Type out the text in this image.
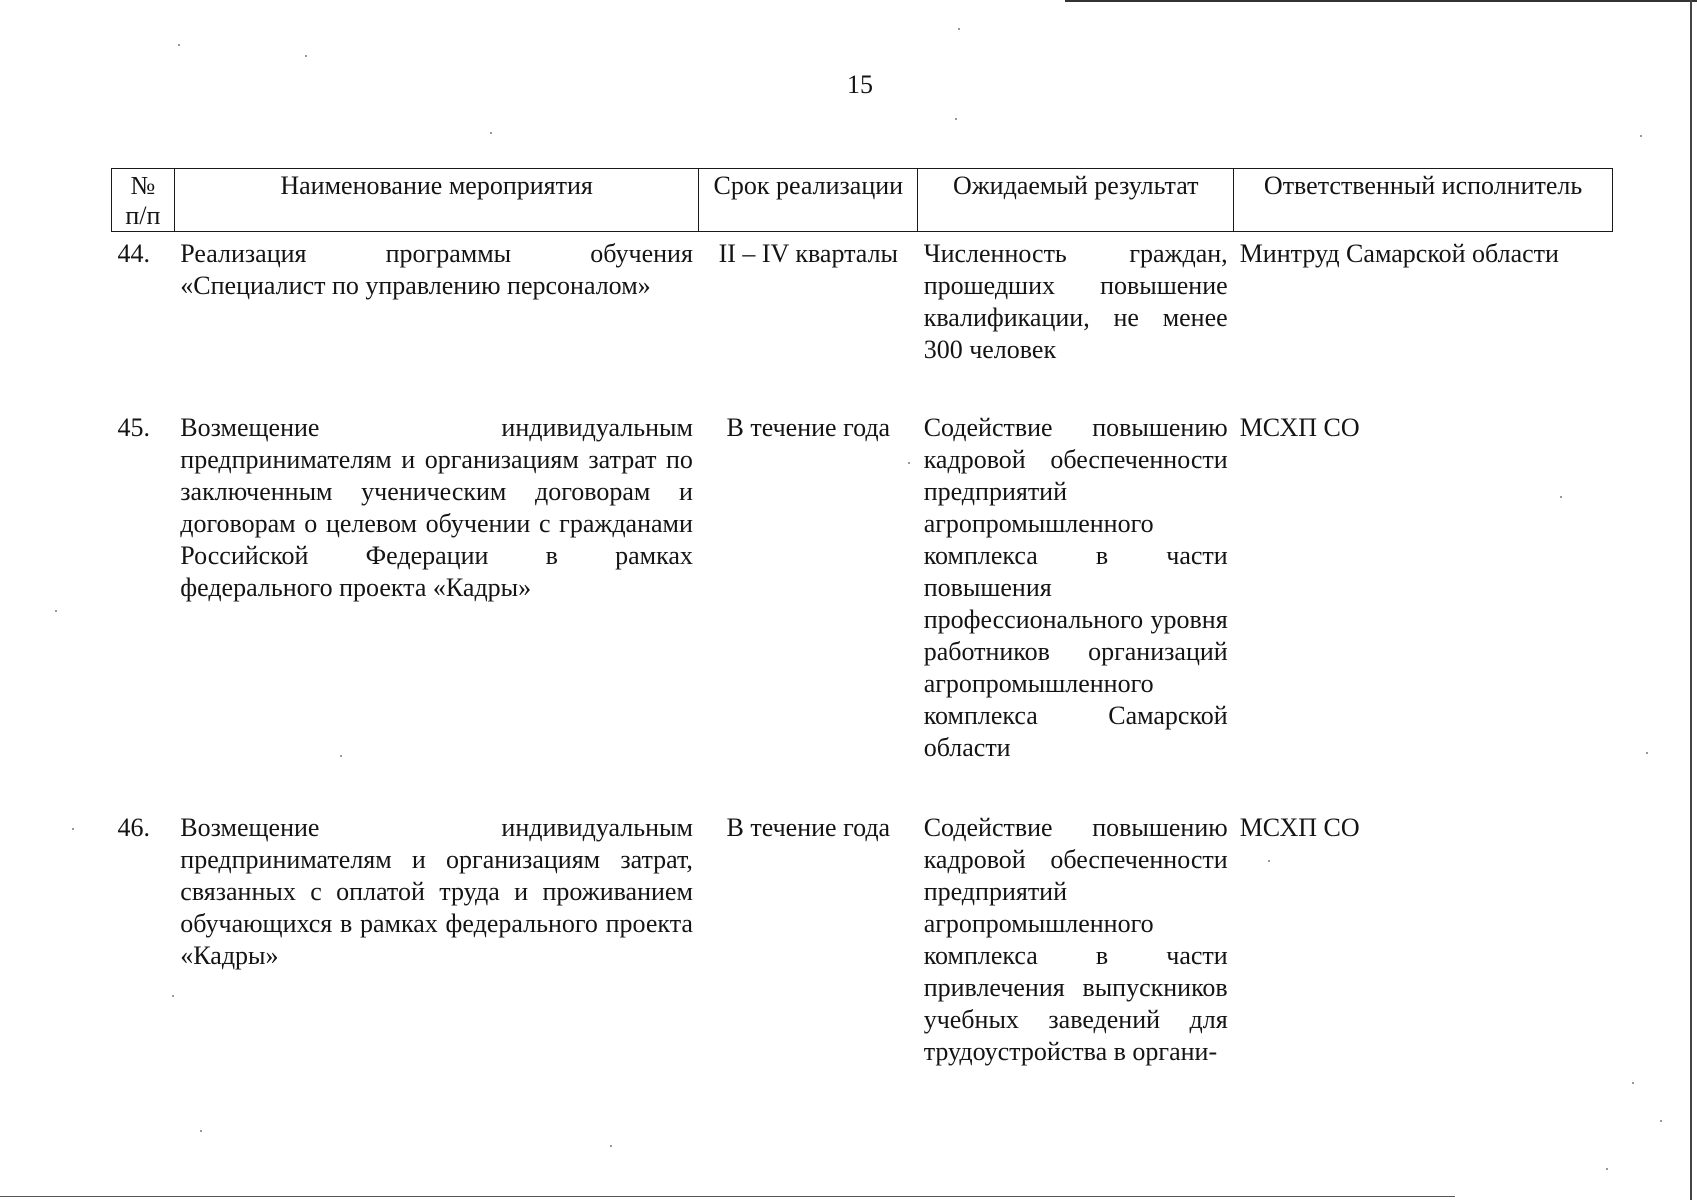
15
№ п/п	Наименование мероприятия	Срок реализации	Ожидаемый результат	Ответственный исполнитель
44.	Реализация программы обучения «Специалист по управлению персоналом»	II – IV кварталы	Численность граждан, прошедших повышение квалификации, не менее 300 человек	Минтруд Самарской области
45.	Возмещение индивидуальным предпринимателям и организациям затрат по заключенным ученическим договорам и договорам о целевом обучении с гражданами Российской Федерации в рамках федерального проекта «Кадры»	В течение года	Содействие повышению кадровой обеспеченности предприятий агропромышленного комплекса в части повышения профессионального уровня работников организаций агропромышленного комплекса Самарской области	МСХП СО
46.	Возмещение индивидуальным предпринимателям и организациям затрат, связанных с оплатой труда и проживанием обучающихся в рамках федерального проекта «Кадры»	В течение года	Содействие повышению кадровой обеспеченности предприятий агропромышленного комплекса в части привлечения выпускников учебных заведений для трудоустройства в органи-	МСХП СО
